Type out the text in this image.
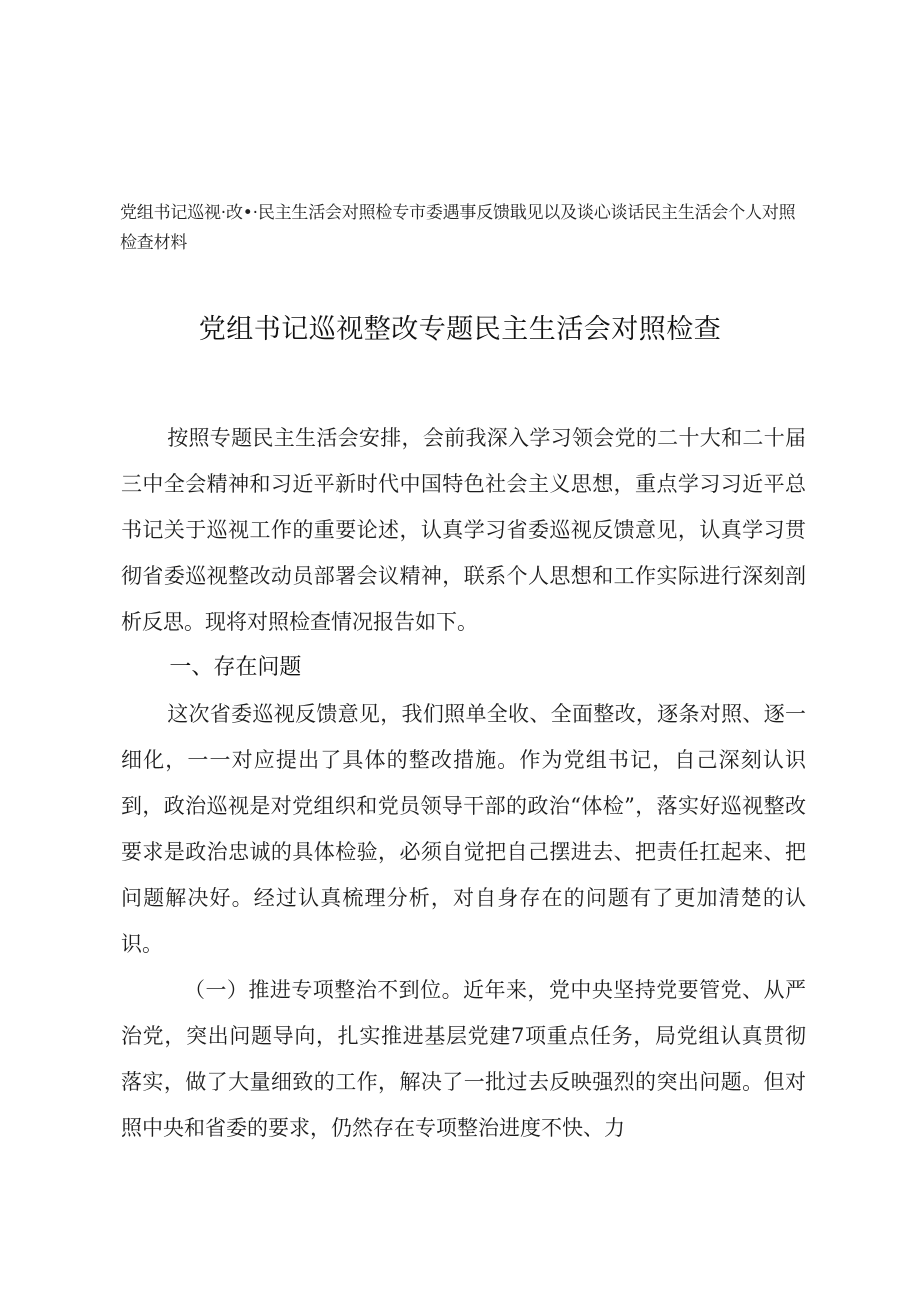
党组书记巡视·改•·民主生活会对照检专市委遇事反馈戢见以及谈心谈话民主生活会个人对照检查材料
党组书记巡视整改专题民主生活会对照检查

按照专题民主生活会安排，会前我深入学习领会党的二十大和二十届三中全会精神和习近平新时代中国特色社会主义思想，重点学习习近平总书记关于巡视工作的重要论述，认真学习省委巡视反馈意见，认真学习贯彻省委巡视整改动员部署会议精神，联系个人思想和工作实际进行深刻剖析反思。现将对照检查情况报告如下。

一、存在问题

这次省委巡视反馈意见，我们照单全收、全面整改，逐条对照、逐一细化，一一对应提出了具体的整改措施。作为党组书记，自己深刻认识到，政治巡视是对党组织和党员领导干部的政治“体检”，落实好巡视整改要求是政治忠诚的具体检验，必须自觉把自己摆进去、把责任扛起来、把问题解决好。经过认真梳理分析，对自身存在的问题有了更加清楚的认识。

（一）推进专项整治不到位。近年来，党中央坚持党要管党、从严治党，突出问题导向，扎实推进基层党建7项重点任务，局党组认真贯彻落实，做了大量细致的工作，解决了一批过去反映强烈的突出问题。但对照中央和省委的要求，仍然存在专项整治进度不快、力
